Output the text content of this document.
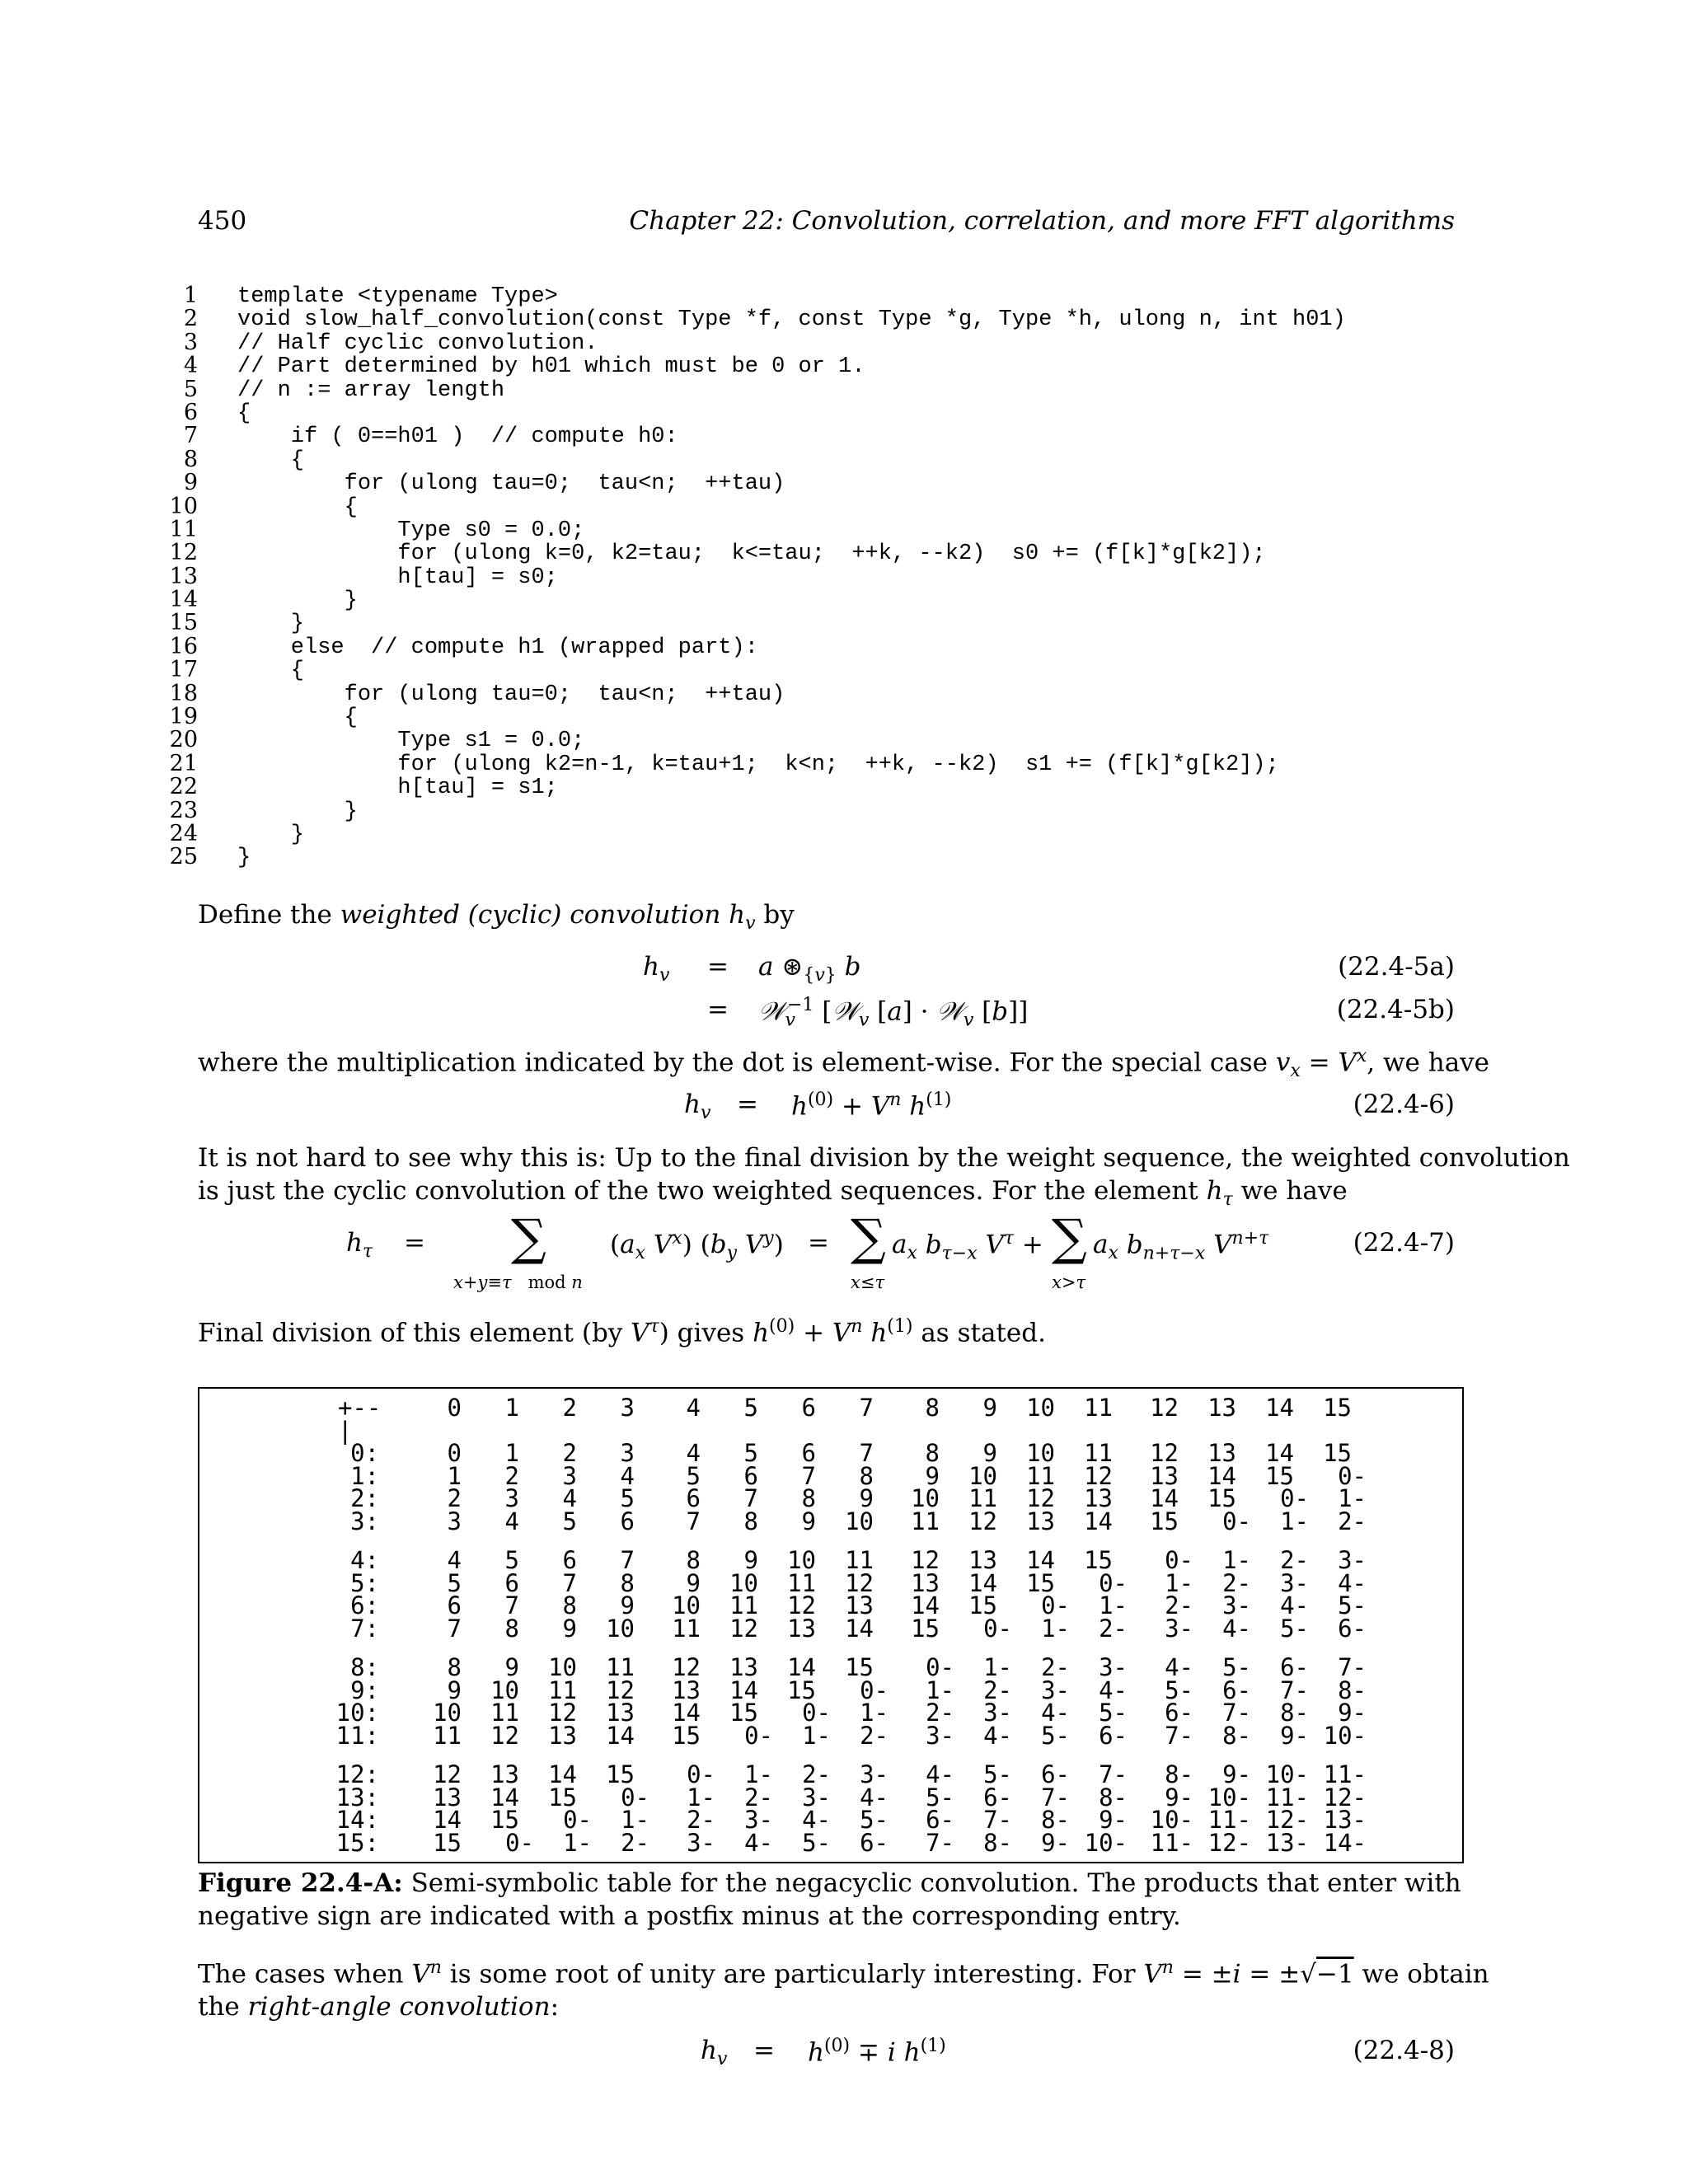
450	Chapter 22: Convolution, correlation, and more FFT algorithms
1 template <typename Type>
2 void slow_half_convolution(const Type *f, const Type *g, Type *h, ulong n, int h01)
3 // Half cyclic convolution.
4 // Part determined by h01 which must be 0 or 1.
5 // n := array length
6 {
7 if ( 0==h01 )  // compute h0:
8 {
9 for (ulong tau=0;  tau<n;  ++tau)
10 {
11 Type s0 = 0.0;
12 for (ulong k=0, k2=tau;  k<=tau;  ++k, --k2)  s0 += (f[k]*g[k2]);
13 h[tau] = s0;
14 }
15 }
16 else  // compute h1 (wrapped part):
17 {
18 for (ulong tau=0;  tau<n;  ++tau)
19 {
20 Type s1 = 0.0;
21 for (ulong k2=n-1, k=tau+1;  k<n;  ++k, --k2)  s1 += (f[k]*g[k2]);
22 h[tau] = s1;
23 }
24 }
25 }
Define the weighted (cyclic) convolution $h_v$ by
$h_v = a$ $⊛_{\{v\}}$ b	(22.4-5a)
= 𝒲$_v^{-1}$ [𝒲$_v$ [a] · 𝒲$_v$ [b]]	(22.4-5b)
where the multiplication indicated by the dot is element-wise. For the special case $v_x = V^x$, we have
$h_v = h^{(0)} + V^n$ $h^{(1)}$	(22.4-6)
It is not hard to see why this is: Up to the final division by the weight sequence, the weighted convolution
is just the cyclic convolution of the two weighted sequences. For the element $h_\tau$ we have
$h_\tau$ = ∑
x+y≡τ   mod n
($a_x$ $V^x$) ($b_y$ $V^y$) = ∑
x≤τ
$a_x$ $b_{\tau-x}$ $V^\tau$ + ∑
x>τ
$a_x$ $b_{n+\tau-x}$ $V^{n+\tau}$	(22.4-7)
Final division of this element (by $V^\tau$) gives $h^{(0)} + V^n$ $h^{(1)}$ as stated.
+--	0	1	2	3	4	5	6	7	8	9	10	11	12	13	14	15
|
0:	0	1	2	3	4	5	6	7	8	9	10	11	12	13	14	15
1:	1	2	3	4	5	6	7	8	9	10	11	12	13	14	15	0-
2:	2	3	4	5	6	7	8	9	10	11	12	13	14	15	0-	1-
3:	3	4	5	6	7	8	9	10	11	12	13	14	15	0-	1-	2-
4:	4	5	6	7	8	9	10	11	12	13	14	15	0-	1-	2-	3-
5:	5	6	7	8	9	10	11	12	13	14	15	0-	1-	2-	3-	4-
6:	6	7	8	9	10	11	12	13	14	15	0-	1-	2-	3-	4-	5-
7:	7	8	9	10	11	12	13	14	15	0-	1-	2-	3-	4-	5-	6-
8:	8	9	10	11	12	13	14	15	0-	1-	2-	3-	4-	5-	6-	7-
9:	9	10	11	12	13	14	15	0-	1-	2-	3-	4-	5-	6-	7-	8-
10:	10	11	12	13	14	15	0-	1-	2-	3-	4-	5-	6-	7-	8-	9-
11:	11	12	13	14	15	0-	1-	2-	3-	4-	5-	6-	7-	8-	9- 10-
12:	12	13	14	15	0-	1-	2-	3-	4-	5-	6-	7-	8-	9- 10- 11-
13:	13	14	15	0-	1-	2-	3-	4-	5-	6-	7-	8-	9- 10- 11- 12-
14:	14	15	0-	1-	2-	3-	4-	5-	6-	7-	8-	9- 10- 11- 12- 13-
15:	15	0-	1-	2-	3-	4-	5-	6-	7-	8-	9- 10- 11- 12- 13- 14-
Figure 22.4-A: Semi-symbolic table for the negacyclic convolution. The products that enter with
negative sign are indicated with a postfix minus at the corresponding entry.
The cases when $V^n$ is some root of unity are particularly interesting. For $V^n = \pm i = \pm√-1$ we obtain
the right-angle convolution:
$h_v = h^{(0)} \mp i$ $h^{(1)}$	(22.4-8)
